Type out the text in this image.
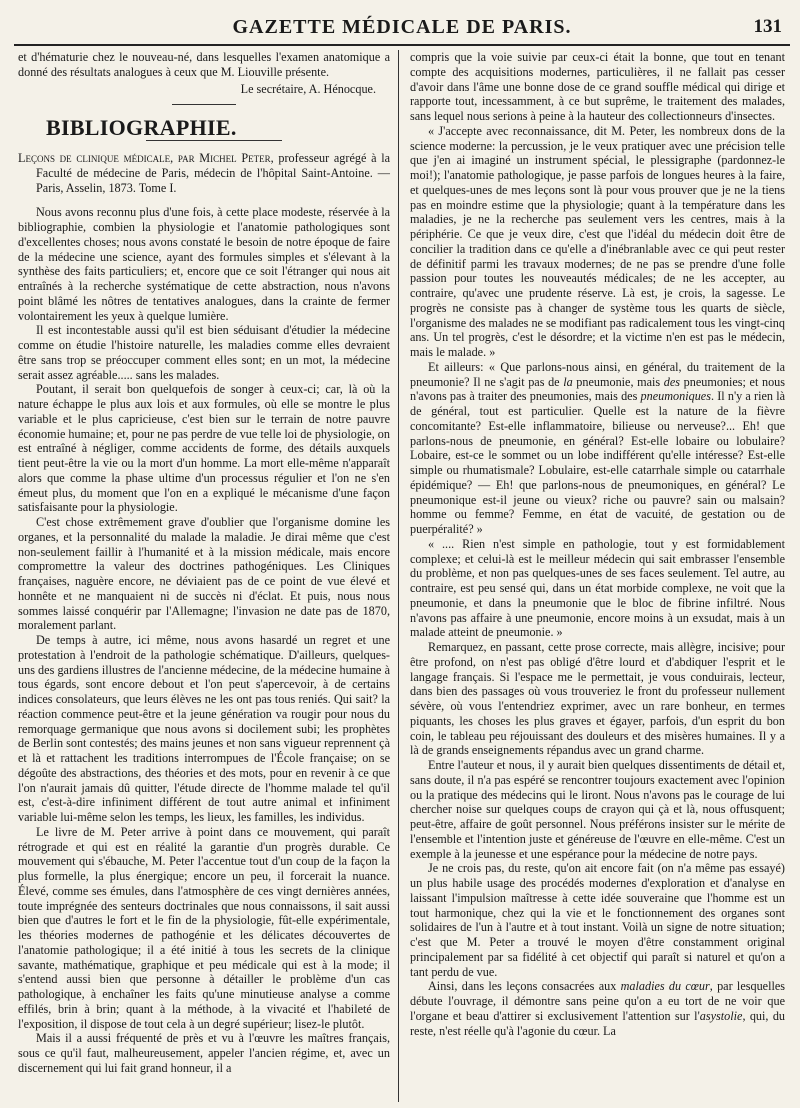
GAZETTE MÉDICALE DE PARIS.	131

et d'hématurie chez le nouveau-né, dans lesquelles l'examen anatomique a donné des résultats analogues à ceux que M. Liouville présente.

Le secrétaire, A. Hénocque.

BIBLIOGRAPHIE.

Leçons de clinique médicale, par Michel Peter, professeur agrégé à la Faculté de médecine de Paris, médecin de l'hôpital Saint-Antoine. — Paris, Asselin, 1873. Tome I.

Nous avons reconnu plus d'une fois, à cette place modeste, réservée à la bibliographie, combien la physiologie et l'anatomie pathologiques sont d'excellentes choses; nous avons constaté le besoin de notre époque de faire de la médecine une science, ayant des formules simples et s'élevant à la synthèse des faits particuliers; et, encore que ce soit l'étranger qui nous ait entraînés à la recherche systématique de cette abstraction, nous n'avons point blâmé les nôtres de tentatives analogues, dans la crainte de fermer volontairement les yeux à quelque lumière.

Il est incontestable aussi qu'il est bien séduisant d'étudier la médecine comme on étudie l'histoire naturelle, les maladies comme elles devraient être sans trop se préoccuper comment elles sont; en un mot, la médecine serait assez agréable..... sans les malades.

Poutant, il serait bon quelquefois de songer à ceux-ci; car, là où la nature échappe le plus aux lois et aux formules, où elle se montre le plus variable et le plus capricieuse, c'est bien sur le terrain de notre pauvre économie humaine; et, pour ne pas perdre de vue telle loi de physiologie, on est entraîné à négliger, comme accidents de forme, des détails auxquels tient peut-être la vie ou la mort d'un homme. La mort elle-même n'apparaît alors que comme la phase ultime d'un processus régulier et l'on ne s'en émeut plus, du moment que l'on en a expliqué le mécanisme d'une façon satisfaisante pour la physiologie.

C'est chose extrêmement grave d'oublier que l'organisme domine les organes, et la personnalité du malade la maladie. Je dirai même que c'est non-seulement faillir à l'humanité et à la mission médicale, mais encore compromettre la valeur des doctrines pathogéniques. Les Cliniques françaises, naguère encore, ne déviaient pas de ce point de vue élevé et honnête et ne manquaient ni de succès ni d'éclat. Et puis, nous nous sommes laissé conquérir par l'Allemagne; l'invasion ne date pas de 1870, moralement parlant.

De temps à autre, ici même, nous avons hasardé un regret et une protestation à l'endroit de la pathologie schématique. D'ailleurs, quelques-uns des gardiens illustres de l'ancienne médecine, de la médecine humaine à tous égards, sont encore debout et l'on peut s'apercevoir, à de certains indices consolateurs, que leurs élèves ne les ont pas tous reniés. Qui sait? la réaction commence peut-être et la jeune génération va rougir pour nous du remorquage germanique que nous avons si docilement subi; les prophètes de Berlin sont contestés; des mains jeunes et non sans vigueur reprennent çà et là et rattachent les traditions interrompues de l'École française; on se dégoûte des abstractions, des théories et des mots, pour en revenir à ce que l'on n'aurait jamais dû quitter, l'étude directe de l'homme malade tel qu'il est, c'est-à-dire infiniment différent de tout autre animal et infiniment variable lui-même selon les temps, les lieux, les familles, les individus.

Le livre de M. Peter arrive à point dans ce mouvement, qui paraît rétrograde et qui est en réalité la garantie d'un progrès durable. Ce mouvement qui s'ébauche, M. Peter l'accentue tout d'un coup de la façon la plus formelle, la plus énergique; encore un peu, il forcerait la nuance. Élevé, comme ses émules, dans l'atmosphère de ces vingt dernières années, toute imprégnée des senteurs doctrinales que nous connaissons, il sait aussi bien que d'autres le fort et le fin de la physiologie, fût-elle expérimentale, les théories modernes de pathogénie et les délicates découvertes de l'anatomie pathologique; il a été initié à tous les secrets de la clinique savante, mathématique, graphique et peu médicale qui est à la mode; il s'entend aussi bien que personne à détailler le problème d'un cas pathologique, à enchaîner les faits qu'une minutieuse analyse a comme effilés, brin à brin; quant à la méthode, à la vivacité et l'habileté de l'exposition, il dispose de tout cela à un degré supérieur; lisez-le plutôt.

Mais il a aussi fréquenté de près et vu à l'œuvre les maîtres français, sous ce qu'il faut, malheureusement, appeler l'ancien régime, et, avec un discernement qui lui fait grand honneur, il a

compris que la voie suivie par ceux-ci était la bonne, que tout en tenant compte des acquisitions modernes, particulières, il ne fallait pas cesser d'avoir dans l'âme une bonne dose de ce grand souffle médical qui dirige et rapporte tout, incessamment, à ce but suprême, le traitement des malades, sans lequel nous serions à peine à la hauteur des collectionneurs d'insectes.

« J'accepte avec reconnaissance, dit M. Peter, les nombreux dons de la science moderne: la percussion, je le veux pratiquer avec une précision telle que j'en ai imaginé un instrument spécial, le plessigraphe (pardonnez-le moi!); l'anatomie pathologique, je passe parfois de longues heures à la faire, et quelques-unes de mes leçons sont là pour vous prouver que je ne la tiens pas en moindre estime que la physiologie; quant à la température dans les maladies, je ne la recherche pas seulement vers les centres, mais à la périphérie. Ce que je veux dire, c'est que l'idéal du médecin doit être de concilier la tradition dans ce qu'elle a d'inébranlable avec ce qui peut rester de définitif parmi les travaux modernes; de ne pas se prendre d'une folle passion pour toutes les nouveautés médicales; de ne les accepter, au contraire, qu'avec une prudente réserve. Là est, je crois, la sagesse. Le progrès ne consiste pas à changer de système tous les quarts de siècle, l'organisme des malades ne se modifiant pas radicalement tous les vingt-cinq ans. Un tel progrès, c'est le désordre; et la victime n'en est pas le médecin, mais le malade. »

Et ailleurs: « Que parlons-nous ainsi, en général, du traitement de la pneumonie? Il ne s'agit pas de la pneumonie, mais des pneumonies; et nous n'avons pas à traiter des pneumonies, mais des pneumoniques. Il n'y a rien là de général, tout est particulier. Quelle est la nature de la fièvre concomitante? Est-elle inflammatoire, bilieuse ou nerveuse?... Eh! que parlons-nous de pneumonie, en général? Est-elle lobaire ou lobulaire? Lobaire, est-ce le sommet ou un lobe indifférent qu'elle intéresse? Est-elle simple ou rhumatismale? Lobulaire, est-elle catarrhale simple ou catarrhale épidémique? — Eh! que parlons-nous de pneumoniques, en général? Le pneumonique est-il jeune ou vieux? riche ou pauvre? sain ou malsain? homme ou femme? Femme, en état de vacuité, de gestation ou de puerpéralité? »

« .... Rien n'est simple en pathologie, tout y est formidablement complexe; et celui-là est le meilleur médecin qui sait embrasser l'ensemble du problème, et non pas quelques-unes de ses faces seulement. Tel autre, au contraire, est peu sensé qui, dans un état morbide complexe, ne voit que la pneumonie, et dans la pneumonie que le bloc de fibrine infiltré. Nous n'avons pas affaire à une pneumonie, encore moins à un exsudat, mais à un malade atteint de pneumonie. »

Remarquez, en passant, cette prose correcte, mais allègre, incisive; pour être profond, on n'est pas obligé d'être lourd et d'abdiquer l'esprit et le langage français. Si l'espace me le permettait, je vous conduirais, lecteur, dans bien des passages où vous trouveriez le front du professeur nullement sévère, où vous l'entendriez exprimer, avec un rare bonheur, en termes piquants, les choses les plus graves et égayer, parfois, d'un esprit du bon coin, le tableau peu réjouissant des douleurs et des misères humaines. Il y a là de grands enseignements répandus avec un grand charme.

Entre l'auteur et nous, il y aurait bien quelques dissentiments de détail et, sans doute, il n'a pas espéré se rencontrer toujours exactement avec l'opinion ou la pratique des médecins qui le liront. Nous n'avons pas le courage de lui chercher noise sur quelques coups de crayon qui çà et là, nous offusquent; peut-être, affaire de goût personnel. Nous préférons insister sur le mérite de l'ensemble et l'intention juste et généreuse de l'œuvre en elle-même. C'est un exemple à la jeunesse et une espérance pour la médecine de notre pays.

Je ne crois pas, du reste, qu'on ait encore fait (on n'a même pas essayé) un plus habile usage des procédés modernes d'exploration et d'analyse en laissant l'impulsion maîtresse à cette idée souveraine que l'homme est un tout harmonique, chez qui la vie et le fonctionnement des organes sont solidaires de l'un à l'autre et à tout instant. Voilà un signe de notre situation; c'est que M. Peter a trouvé le moyen d'être constamment original principalement par sa fidélité à cet objectif qui paraît si naturel et qu'on a tant perdu de vue.

Ainsi, dans les leçons consacrées aux maladies du cœur, par lesquelles débute l'ouvrage, il démontre sans peine qu'on a eu tort de ne voir que l'organe et beau d'attirer si exclusivement l'attention sur l'asystolie, qui, du reste, n'est réelle qu'à l'agonie du cœur. La
